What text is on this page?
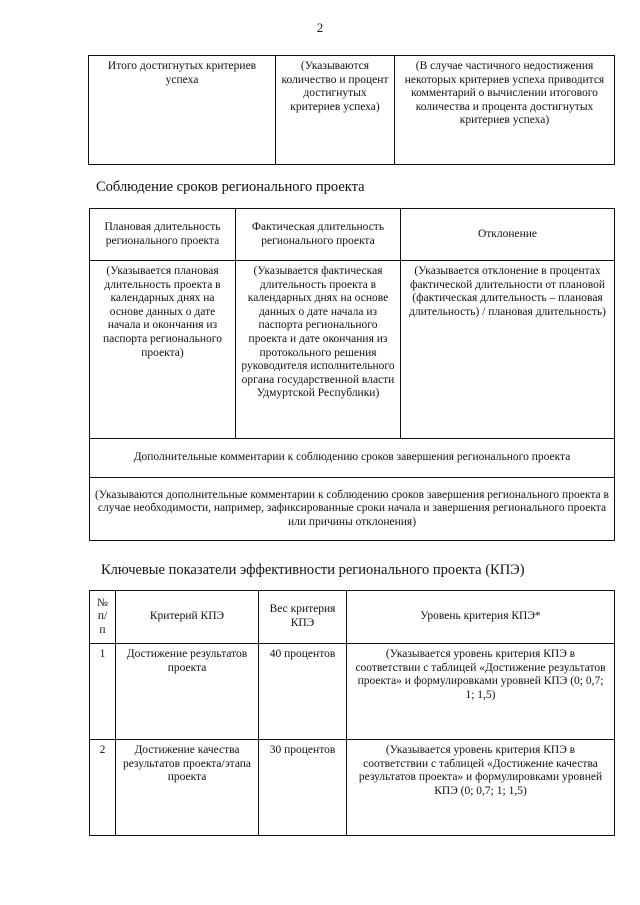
2
Итого достигнутых критериев успеха	(Указываются количество и процент достигнутых критериев успеха)	(В случае частичного недостижения некоторых критериев успеха приводится комментарий о вычислении итогового количества и процента достигнутых критериев успеха)
Соблюдение сроков регионального проекта
Плановая длительность регионального проекта	Фактическая длительность регионального проекта	Отклонение
(Указывается плановая длительность проекта в календарных днях на основе данных о дате начала и окончания из паспорта регионального проекта)	(Указывается фактическая длительность проекта в календарных днях на основе данных о дате начала из паспорта регионального проекта и дате окончания из протокольного решения руководителя исполнительного органа государственной власти Удмуртской Республики)	(Указывается отклонение в процентах фактической длительности от плановой (фактическая длительность – плановая длительность) / плановая длительность)
Дополнительные комментарии к соблюдению сроков завершения регионального проекта		
(Указываются дополнительные комментарии к соблюдению сроков завершения регионального проекта в случае необходимости, например, зафиксированные сроки начала и завершения регионального проекта или причины отклонения)		
Ключевые показатели эффективности регионального проекта (КПЭ)
№ п/п	Критерий КПЭ	Вес критерия КПЭ	Уровень критерия КПЭ*
1	Достижение результатов проекта	40 процентов	(Указывается уровень критерия КПЭ в соответствии с таблицей «Достижение результатов проекта» и формулировками уровней КПЭ (0; 0,7; 1; 1,5)
2	Достижение качества результатов проекта/этапа проекта	30 процентов	(Указывается уровень критерия КПЭ в соответствии с таблицей «Достижение качества результатов проекта» и формулировками уровней КПЭ (0; 0,7; 1; 1,5)
